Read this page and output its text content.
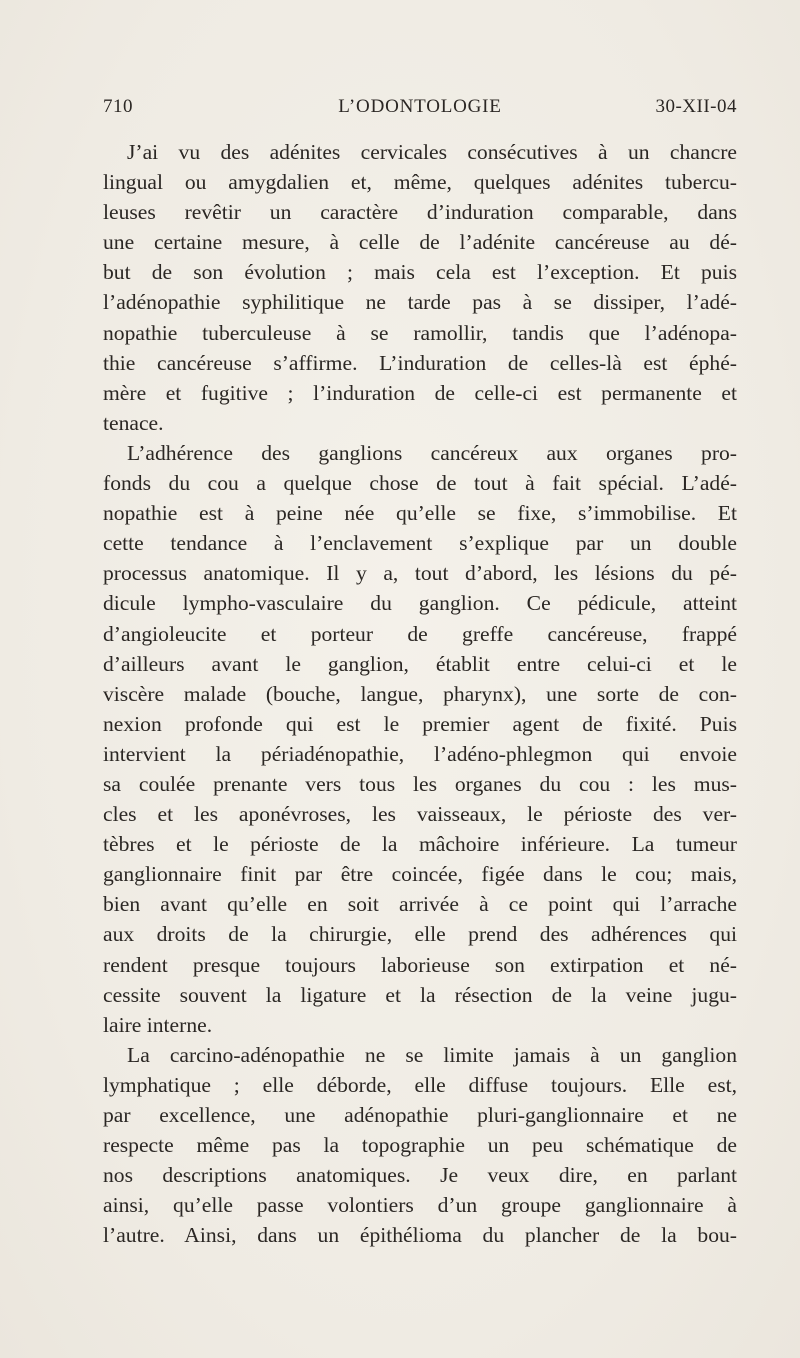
710	L’ODONTOLOGIE	30-XII-04
J’ai vu des adénites cervicales consécutives à un chancre
lingual ou amygdalien et, même, quelques adénites tubercu-
leuses revêtir un caractère d’induration comparable, dans
une certaine mesure, à celle de l’adénite cancéreuse au dé-
but de son évolution ; mais cela est l’exception. Et puis
l’adénopathie syphilitique ne tarde pas à se dissiper, l’adé-
nopathie tuberculeuse à se ramollir, tandis que l’adénopa-
thie cancéreuse s’affirme. L’induration de celles-là est éphé-
mère et fugitive ; l’induration de celle-ci est permanente et
tenace.
L’adhérence des ganglions cancéreux aux organes pro-
fonds du cou a quelque chose de tout à fait spécial. L’adé-
nopathie est à peine née qu’elle se fixe, s’immobilise. Et
cette tendance à l’enclavement s’explique par un double
processus anatomique. Il y a, tout d’abord, les lésions du pé-
dicule lympho-vasculaire du ganglion. Ce pédicule, atteint
d’angioleucite et porteur de greffe cancéreuse, frappé
d’ailleurs avant le ganglion, établit entre celui-ci et le
viscère malade (bouche, langue, pharynx), une sorte de con-
nexion profonde qui est le premier agent de fixité. Puis
intervient la périadénopathie, l’adéno-phlegmon qui envoie
sa coulée prenante vers tous les organes du cou : les mus-
cles et les aponévroses, les vaisseaux, le périoste des ver-
tèbres et le périoste de la mâchoire inférieure. La tumeur
ganglionnaire finit par être coincée, figée dans le cou; mais,
bien avant qu’elle en soit arrivée à ce point qui l’arrache
aux droits de la chirurgie, elle prend des adhérences qui
rendent presque toujours laborieuse son extirpation et né-
cessite souvent la ligature et la résection de la veine jugu-
laire interne.
La carcino-adénopathie ne se limite jamais à un ganglion
lymphatique ; elle déborde, elle diffuse toujours. Elle est,
par excellence, une adénopathie pluri-ganglionnaire et ne
respecte même pas la topographie un peu schématique de
nos descriptions anatomiques. Je veux dire, en parlant
ainsi, qu’elle passe volontiers d’un groupe ganglionnaire à
l’autre. Ainsi, dans un épithélioma du plancher de la bou-
